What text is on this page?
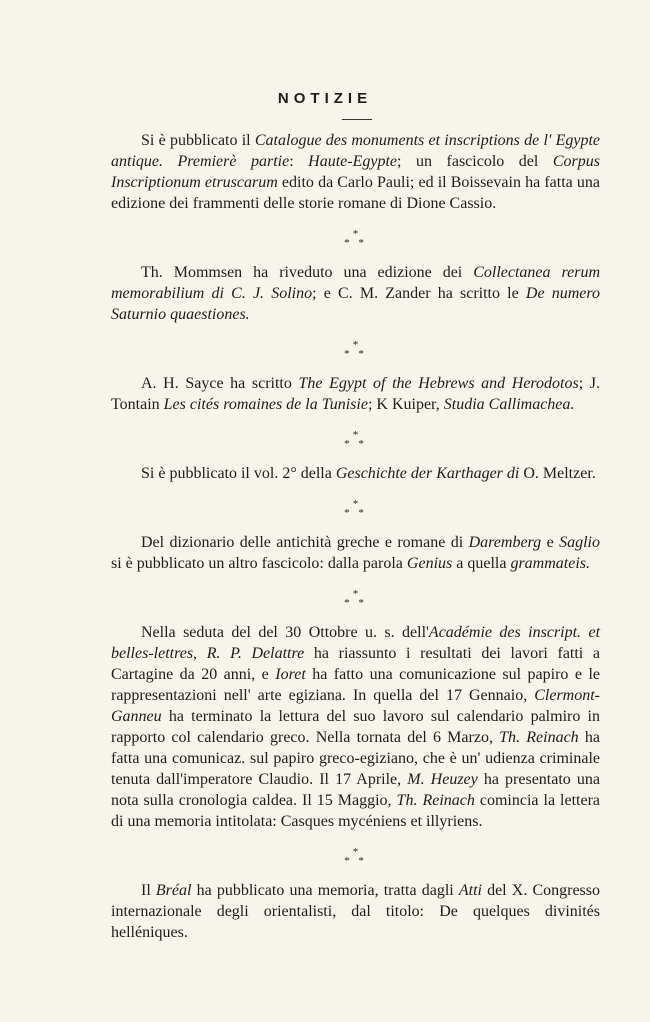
NOTIZIE

Si è pubblicato il Catalogue des monuments et inscriptions de l' Egypte antique. Premierè partie: Haute-Egypte; un fascicolo del Corpus Inscriptionum etruscarum edito da Carlo Pauli; ed il Boissevain ha fatta una edizione dei frammenti delle storie romane di Dione Cassio.

*
* *

Th. Mommsen ha riveduto una edizione dei Collectanea rerum memorabilium di C. J. Solino; e C. M. Zander ha scritto le De numero Saturnio quaestiones.

*
* *

A. H. Sayce ha scritto The Egypt of the Hebrews and Herodotos; J. Tontain Les cités romaines de la Tunisie; K Kuiper, Studia Callimachea.

*
* *

Si è pubblicato il vol. 2° della Geschichte der Karthager di O. Meltzer.

*
* *

Del dizionario delle antichità greche e romane di Daremberg e Saglio si è pubblicato un altro fascicolo: dalla parola Genius a quella grammateis.

*
* *

Nella seduta del del 30 Ottobre u. s. dell'Académie des inscript. et belles-lettres, R. P. Delattre ha riassunto i resultati dei lavori fatti a Cartagine da 20 anni, e Ioret ha fatto una comunicazione sul papiro e le rappresentazioni nell' arte egiziana. In quella del 17 Gennaio, Clermont-Ganneu ha terminato la lettura del suo lavoro sul calendario palmiro in rapporto col calendario greco. Nella tornata del 6 Marzo, Th. Reinach ha fatta una comunicaz. sul papiro greco-egiziano, che è un' udienza criminale tenuta dall'imperatore Claudio. Il 17 Aprile, M. Heuzey ha presentato una nota sulla cronologia caldea. Il 15 Maggio, Th. Reinach comincia la lettera di una memoria intitolata: Casques mycéniens et illyriens.

*
* *

Il Bréal ha pubblicato una memoria, tratta dagli Atti del X. Congresso internazionale degli orientalisti, dal titolo: De quelques divinités helléniques.
